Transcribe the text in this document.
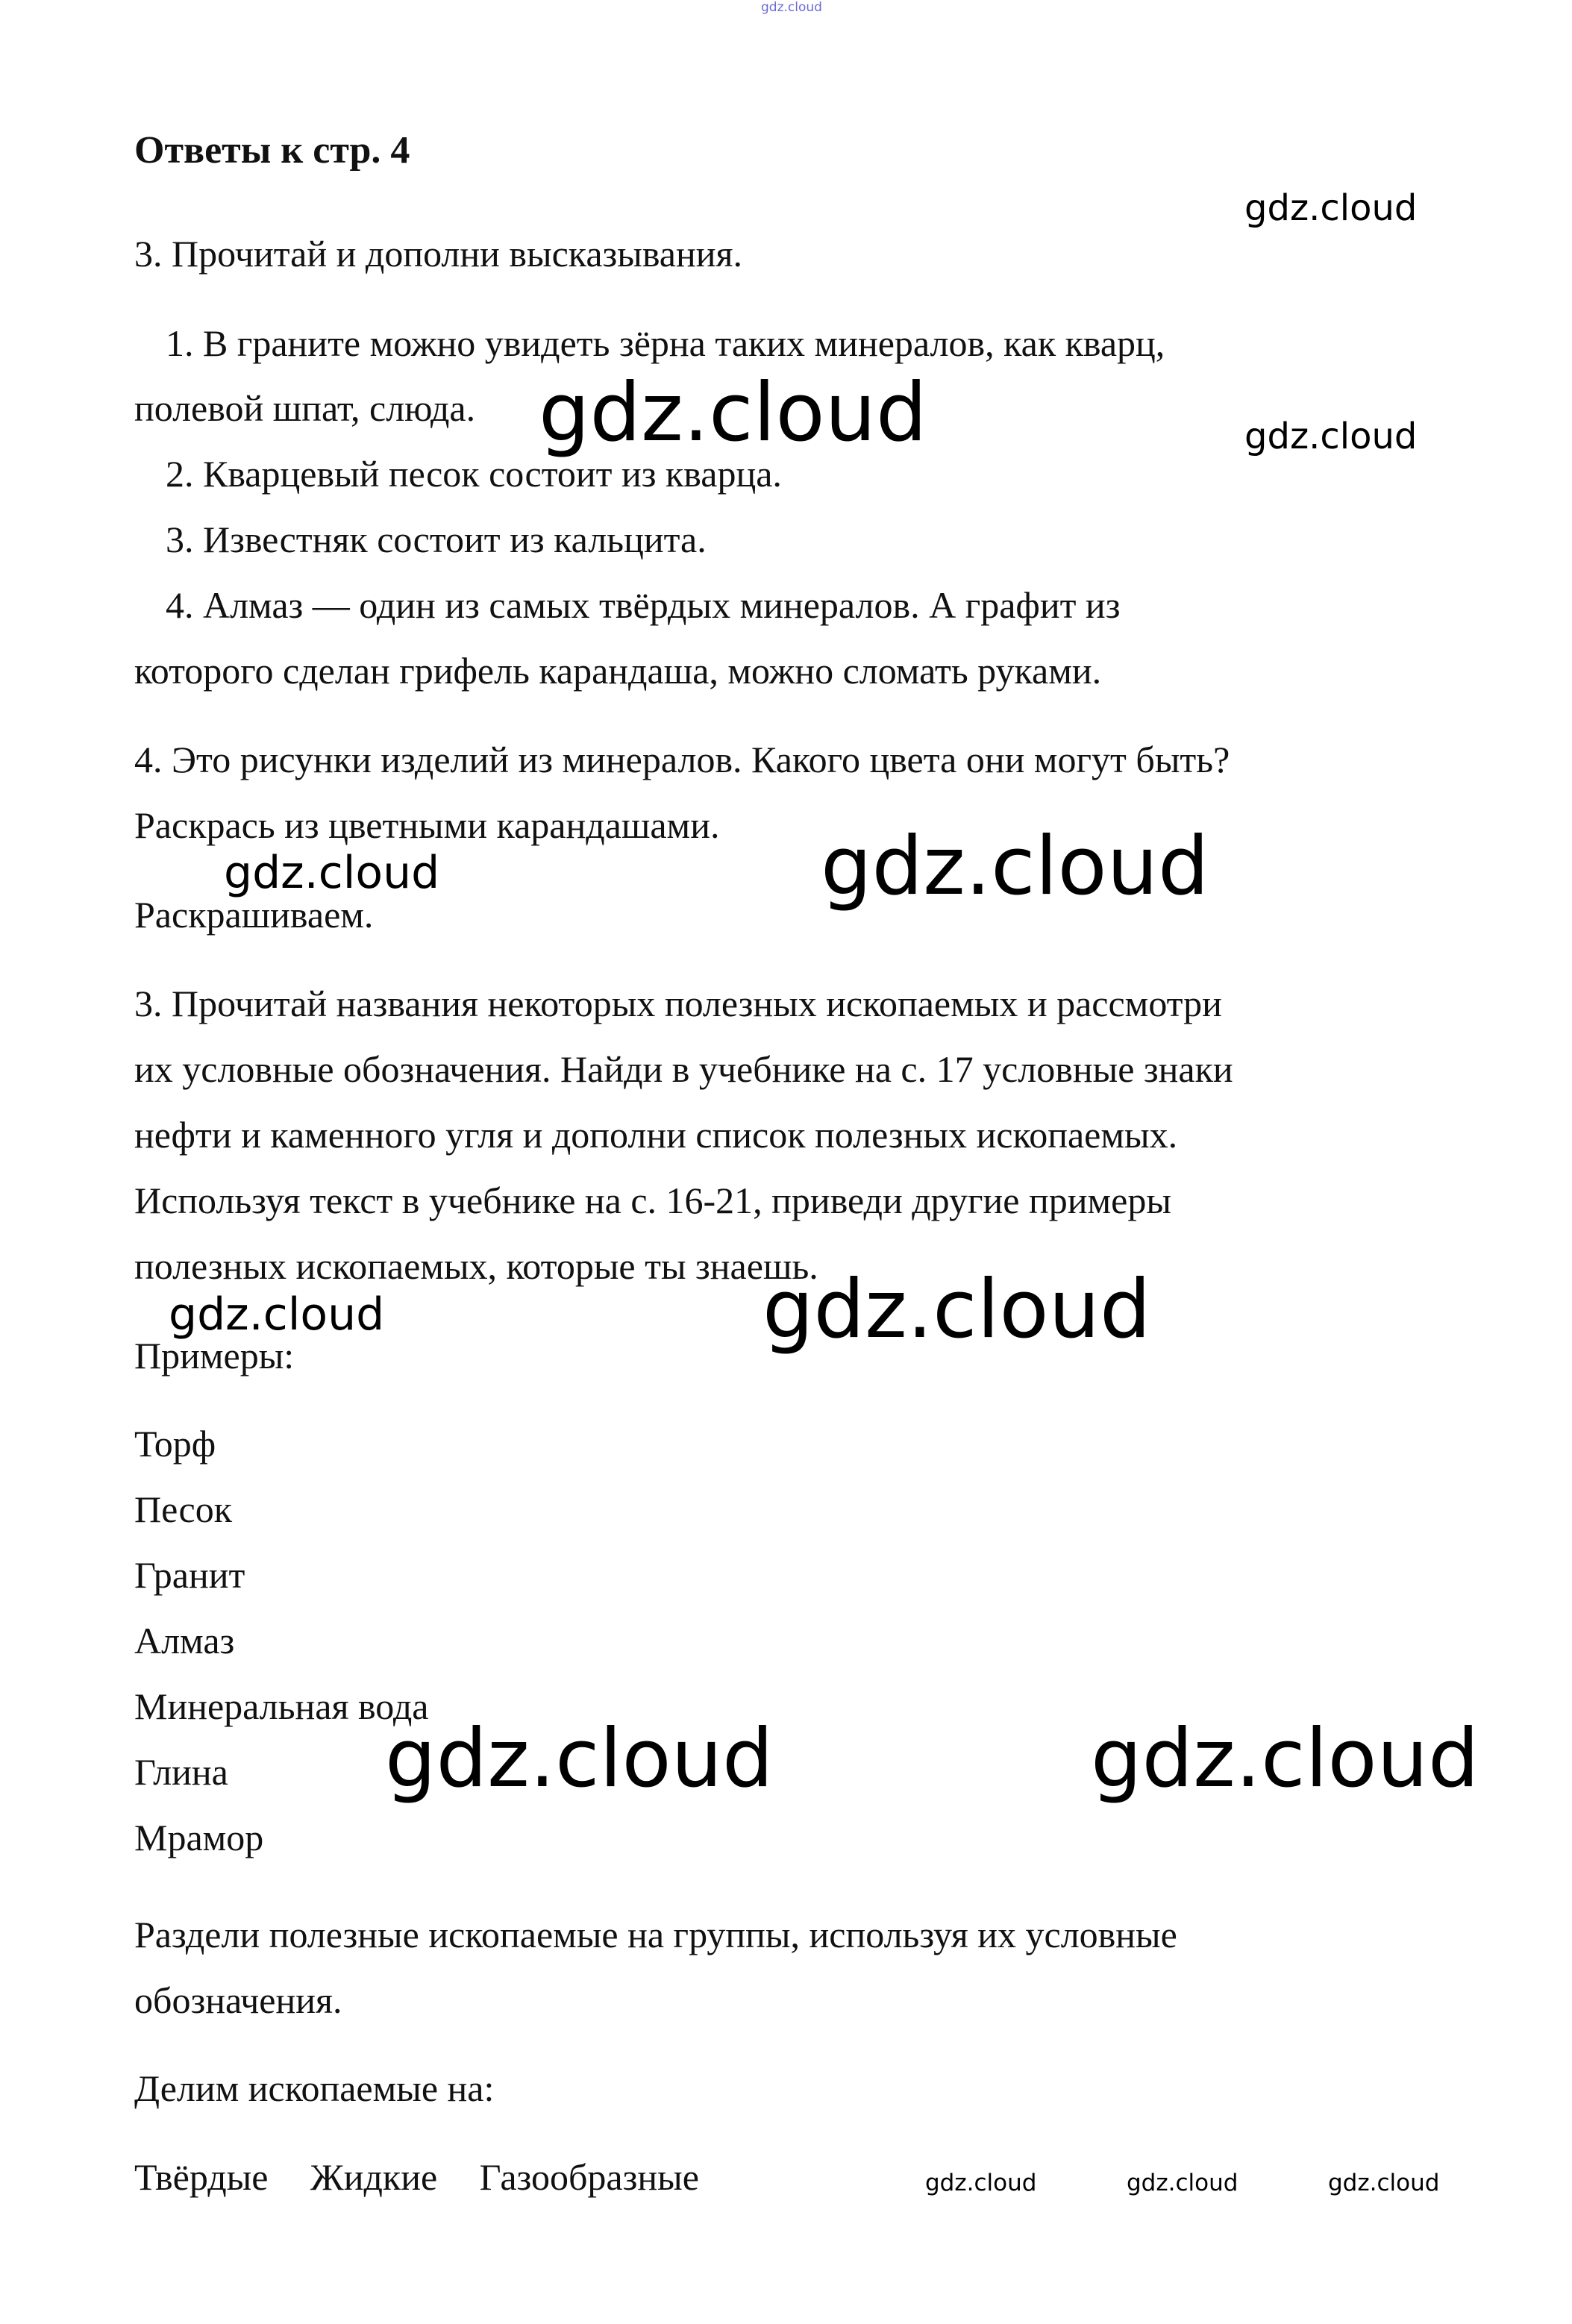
gdz.cloud
Ответы к стр. 4
gdz.cloud
3. Прочитай и дополни высказывания.
1. В граните можно увидеть зёрна таких минералов, как кварц,
полевой шпат, слюда. gdz.cloud	gdz.cloud
2. Кварцевый песок состоит из кварца.
3. Известняк состоит из кальцита.
4. Алмаз — один из самых твёрдых минералов. А графит из
которого сделан грифель карандаша, можно сломать руками.
4. Это рисунки изделий из минералов. Какого цвета они могут быть?
Раскрась из цветными карандашами.
gdz.cloud	gdz.cloud
Раскрашиваем.
3. Прочитай названия некоторых полезных ископаемых и рассмотри
их условные обозначения. Найди в учебнике на с. 17 условные знаки
нефти и каменного угля и дополни список полезных ископаемых.
Используя текст в учебнике на с. 16-21, приведи другие примеры
полезных ископаемых, которые ты знаешь.
gdz.cloud	gdz.cloud
Примеры:
Торф
Песок
Гранит
Алмаз
Минеральная вода
Глина
Мрамор
gdz.cloud	gdz.cloud
Раздели полезные ископаемые на группы, используя их условные
обозначения.
Делим ископаемые на:
Твёрдые Жидкие Газообразные	gdz.cloud	gdz.cloud	gdz.cloud
